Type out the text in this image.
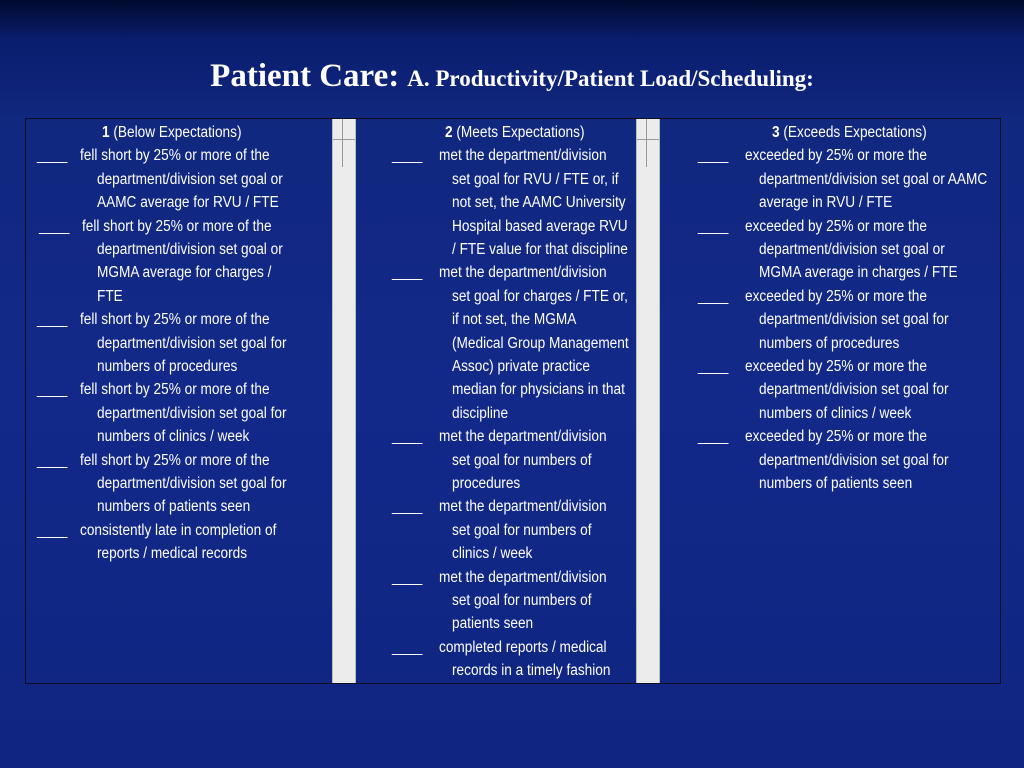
Patient Care: A. Productivity/Patient Load/Scheduling:
1 (Below Expectations)
____ fell short by 25% or more of the
department/division set goal or
AAMC average for RVU / FTE
____ fell short by 25% or more of the
department/division set goal or
MGMA average for charges /
FTE
____ fell short by 25% or more of the
department/division set goal for
numbers of procedures
____ fell short by 25% or more of the
department/division set goal for
numbers of clinics / week
____ fell short by 25% or more of the
department/division set goal for
numbers of patients seen
____ consistently late in completion of
reports / medical records
2 (Meets Expectations)
____ met the department/division
set goal for RVU / FTE or, if
not set, the AAMC University
Hospital based average RVU
/ FTE value for that discipline
____ met the department/division
set goal for charges / FTE or,
if not set, the MGMA
(Medical Group Management
Assoc) private practice
median for physicians in that
discipline
____ met the department/division
set goal for numbers of
procedures
____ met the department/division
set goal for numbers of
clinics / week
____ met the department/division
set goal for numbers of
patients seen
____ completed reports / medical
records in a timely fashion
3 (Exceeds Expectations)
____ exceeded by 25% or more the
department/division set goal or AAMC
average in RVU / FTE
____ exceeded by 25% or more the
department/division set goal or
MGMA average in charges / FTE
____ exceeded by 25% or more the
department/division set goal for
numbers of procedures
____ exceeded by 25% or more the
department/division set goal for
numbers of clinics / week
____ exceeded by 25% or more the
department/division set goal for
numbers of patients seen
